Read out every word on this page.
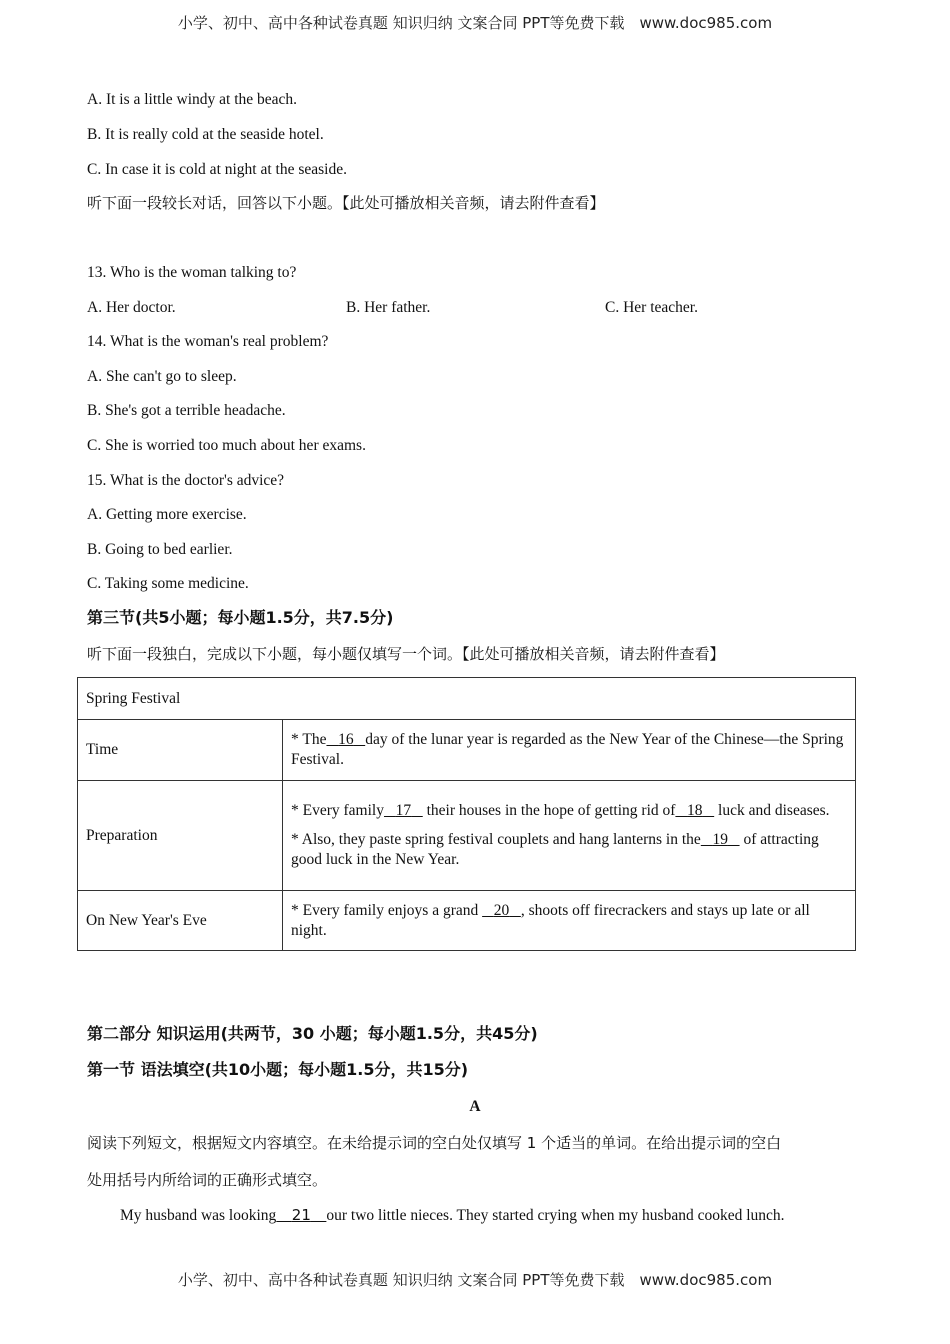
小学、初中、高中各种试卷真题 知识归纳 文案合同 PPT等免费下载　www.doc985.com
A. It is a little windy at the beach.
B. It is really cold at the seaside hotel.
C. In case it is cold at night at the seaside.
听下面一段较长对话，回答以下小题。【此处可播放相关音频，请去附件查看】
13. Who is the woman talking to?
A. Her doctor.	B. Her father.	C. Her teacher.
14. What is the woman's real problem?
A. She can't go to sleep.
B. She's got a terrible headache.
C. She is worried too much about her exams.
15. What is the doctor's advice?
A. Getting more exercise.
B. Going to bed earlier.
C. Taking some medicine.
第三节(共5小题；每小题1.5分，共7.5分)
听下面一段独白，完成以下小题，每小题仅填写一个词。【此处可播放相关音频，请去附件查看】
Spring Festival	
Time	* The 16 day of the lunar year is regarded as the New Year of the Chinese—the Spring Festival.
Preparation	* Every family 17    their houses in the hope of getting rid of 18    luck and diseases.

* Also, they paste spring festival couplets and hang lanterns in the 19    of attracting good luck in the New Year.

On New Year's Eve	* Every family enjoys a grand    20 , shoots off firecrackers and stays up late or all night.
第二部分 知识运用(共两节，30 小题；每小题1.5分，共45分)
第一节 语法填空(共10小题；每小题1.5分，共15分)
A
阅读下列短文，根据短文内容填空。在未给提示词的空白处仅填写 1 个适当的单词。在给出提示词的空白
处用括号内所给词的正确形式填空。
My husband was looking 21 our two little nieces. They started crying when my husband cooked lunch.
小学、初中、高中各种试卷真题 知识归纳 文案合同 PPT等免费下载　www.doc985.com
